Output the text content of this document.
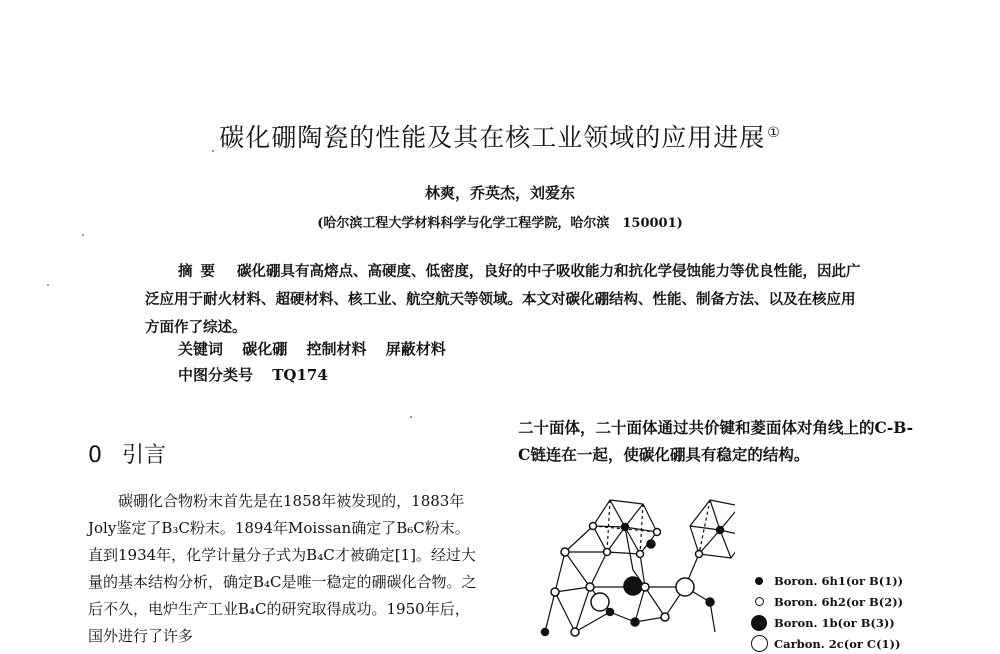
碳化硼陶瓷的性能及其在核工业领域的应用进展 ①
林爽，乔英杰，刘爱东
(哈尔滨工程大学材料科学与化学工程学院，哈尔滨　150001)
摘要 碳化硼具有高熔点、高硬度、低密度，良好的中子吸收能力和抗化学侵蚀能力等优良性能，因此广泛应用于耐火材料、超硬材料、核工业、航空航天等领域。本文对碳化硼结构、性能、制备方法、以及在核应用方面作了综述。
关键词 碳化硼 控制材料 屏蔽材料
中图分类号 TQ174
0 引言

碳硼化合物粉末首先是在1858年被发现的，1883年Joly鉴定了B₃C粉末。1894年Moissan确定了B₆C粉末。直到1934年，化学计量分子式为B₄C才被确定[1]。经过大量的基本结构分析，确定B₄C是唯一稳定的硼碳化合物。之后不久，电炉生产工业B₄C的研究取得成功。1950年后，国外进行了许多

二十面体，二十面体通过共价键和菱面体对角线上的C-B-C链连在一起，使碳化硼具有稳定的结构。

Boron. 6h1(or B(1))
Boron. 6h2(or B(2))
Boron. 1b(or B(3))
Carbon. 2c(or C(1))
